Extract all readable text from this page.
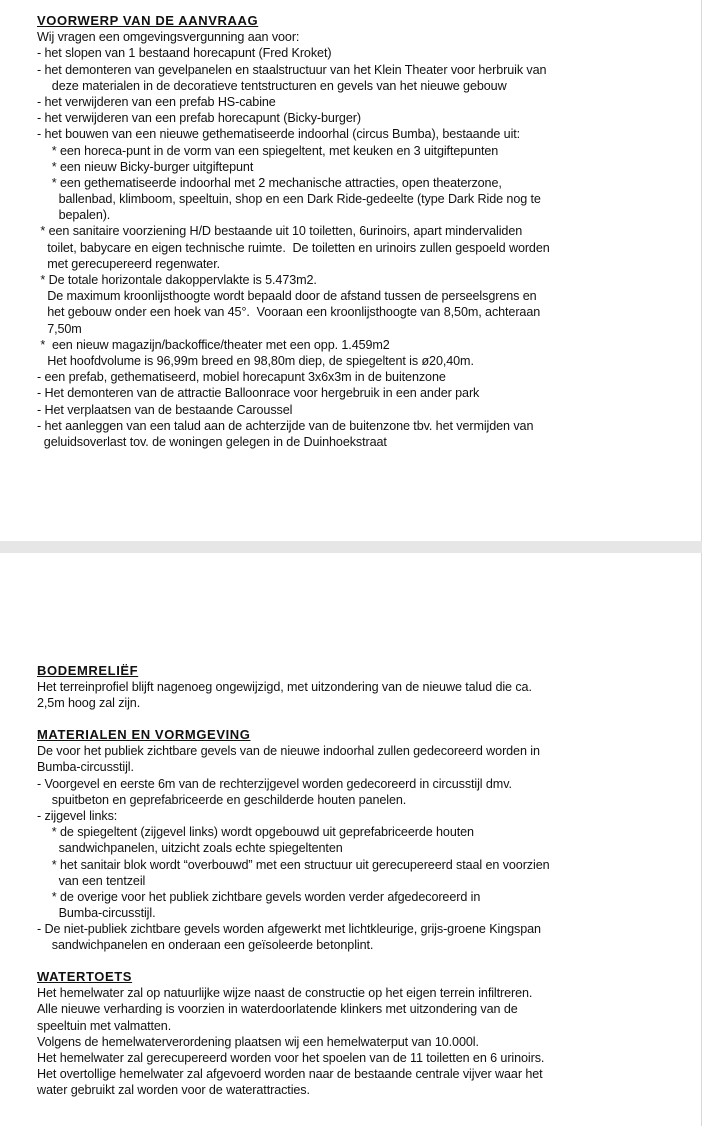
VOORWERP VAN DE AANVRAAG
Wij vragen een omgevingsvergunning aan voor:
- het slopen van 1 bestaand horecapunt (Fred Kroket)
- het demonteren van gevelpanelen en staalstructuur van het Klein Theater voor herbruik van
deze materialen in de decoratieve tentstructuren en gevels van het nieuwe gebouw
- het verwijderen van een prefab HS-cabine
- het verwijderen van een prefab horecapunt (Bicky-burger)
- het bouwen van een nieuwe gethematiseerde indoorhal (circus Bumba), bestaande uit:
* een horeca-punt in de vorm van een spiegeltent, met keuken en 3 uitgiftepunten
* een nieuw Bicky-burger uitgiftepunt
* een gethematiseerde indoorhal met 2 mechanische attracties, open theaterzone,
ballenbad, klimboom, speeltuin, shop en een Dark Ride-gedeelte (type Dark Ride nog te
bepalen).
* een sanitaire voorziening H/D bestaande uit 10 toiletten, 6urinoirs, apart mindervaliden
toilet, babycare en eigen technische ruimte.  De toiletten en urinoirs zullen gespoeld worden
met gerecupereerd regenwater.
* De totale horizontale dakoppervlakte is 5.473m2.
De maximum kroonlijsthoogte wordt bepaald door de afstand tussen de perseelsgrens en
het gebouw onder een hoek van 45°.  Vooraan een kroonlijsthoogte van 8,50m, achteraan
7,50m
*  een nieuw magazijn/backoffice/theater met een opp. 1.459m2
Het hoofdvolume is 96,99m breed en 98,80m diep, de spiegeltent is ø20,40m.
- een prefab, gethematiseerd, mobiel horecapunt 3x6x3m in de buitenzone
- Het demonteren van de attractie Balloonrace voor hergebruik in een ander park
- Het verplaatsen van de bestaande Caroussel
- het aanleggen van een talud aan de achterzijde van de buitenzone tbv. het vermijden van
geluidsoverlast tov. de woningen gelegen in de Duinhoekstraat
BODEMRELIËF
Het terreinprofiel blijft nagenoeg ongewijzigd, met uitzondering van de nieuwe talud die ca.
2,5m hoog zal zijn.
MATERIALEN EN VORMGEVING
De voor het publiek zichtbare gevels van de nieuwe indoorhal zullen gedecoreerd worden in
Bumba-circusstijl.
- Voorgevel en eerste 6m van de rechterzijgevel worden gedecoreerd in circusstijl dmv.
spuitbeton en geprefabriceerde en geschilderde houten panelen.
- zijgevel links:
* de spiegeltent (zijgevel links) wordt opgebouwd uit geprefabriceerde houten
sandwichpanelen, uitzicht zoals echte spiegeltenten
* het sanitair blok wordt “overbouwd” met een structuur uit gerecupereerd staal en voorzien
van een tentzeil
* de overige voor het publiek zichtbare gevels worden verder afgedecoreerd in
Bumba-circusstijl.
- De niet-publiek zichtbare gevels worden afgewerkt met lichtkleurige, grijs-groene Kingspan
sandwichpanelen en onderaan een geïsoleerde betonplint.
WATERTOETS
Het hemelwater zal op natuurlijke wijze naast de constructie op het eigen terrein infiltreren.
Alle nieuwe verharding is voorzien in waterdoorlatende klinkers met uitzondering van de
speeltuin met valmatten.
Volgens de hemelwaterverordening plaatsen wij een hemelwaterput van 10.000l.
Het hemelwater zal gerecupereerd worden voor het spoelen van de 11 toiletten en 6 urinoirs.
Het overtollige hemelwater zal afgevoerd worden naar de bestaande centrale vijver waar het
water gebruikt zal worden voor de waterattracties.
